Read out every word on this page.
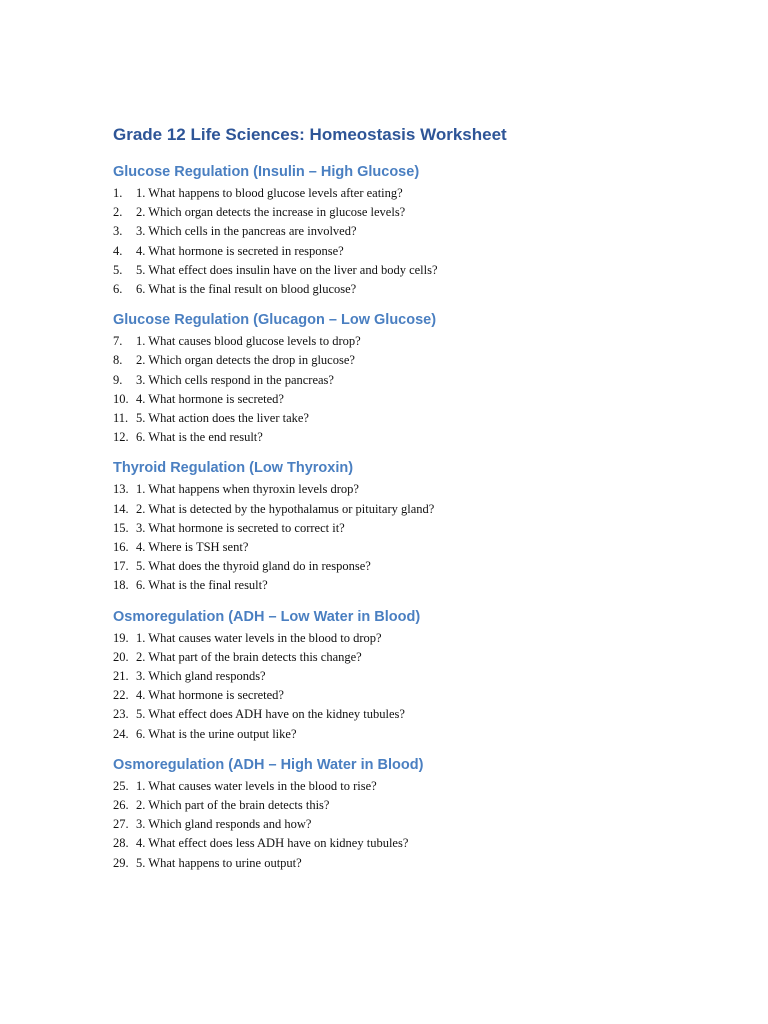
Grade 12 Life Sciences: Homeostasis Worksheet
Glucose Regulation (Insulin – High Glucose)
1.	1. What happens to blood glucose levels after eating?
2.	2. Which organ detects the increase in glucose levels?
3.	3. Which cells in the pancreas are involved?
4.	4. What hormone is secreted in response?
5.	5. What effect does insulin have on the liver and body cells?
6.	6. What is the final result on blood glucose?
Glucose Regulation (Glucagon – Low Glucose)
7.	1. What causes blood glucose levels to drop?
8.	2. Which organ detects the drop in glucose?
9.	3. Which cells respond in the pancreas?
10. 4. What hormone is secreted?
11. 5. What action does the liver take?
12. 6. What is the end result?
Thyroid Regulation (Low Thyroxin)
13. 1. What happens when thyroxin levels drop?
14. 2. What is detected by the hypothalamus or pituitary gland?
15. 3. What hormone is secreted to correct it?
16. 4. Where is TSH sent?
17. 5. What does the thyroid gland do in response?
18. 6. What is the final result?
Osmoregulation (ADH – Low Water in Blood)
19. 1. What causes water levels in the blood to drop?
20. 2. What part of the brain detects this change?
21. 3. Which gland responds?
22. 4. What hormone is secreted?
23. 5. What effect does ADH have on the kidney tubules?
24. 6. What is the urine output like?
Osmoregulation (ADH – High Water in Blood)
25. 1. What causes water levels in the blood to rise?
26. 2. Which part of the brain detects this?
27. 3. Which gland responds and how?
28. 4. What effect does less ADH have on kidney tubules?
29. 5. What happens to urine output?
